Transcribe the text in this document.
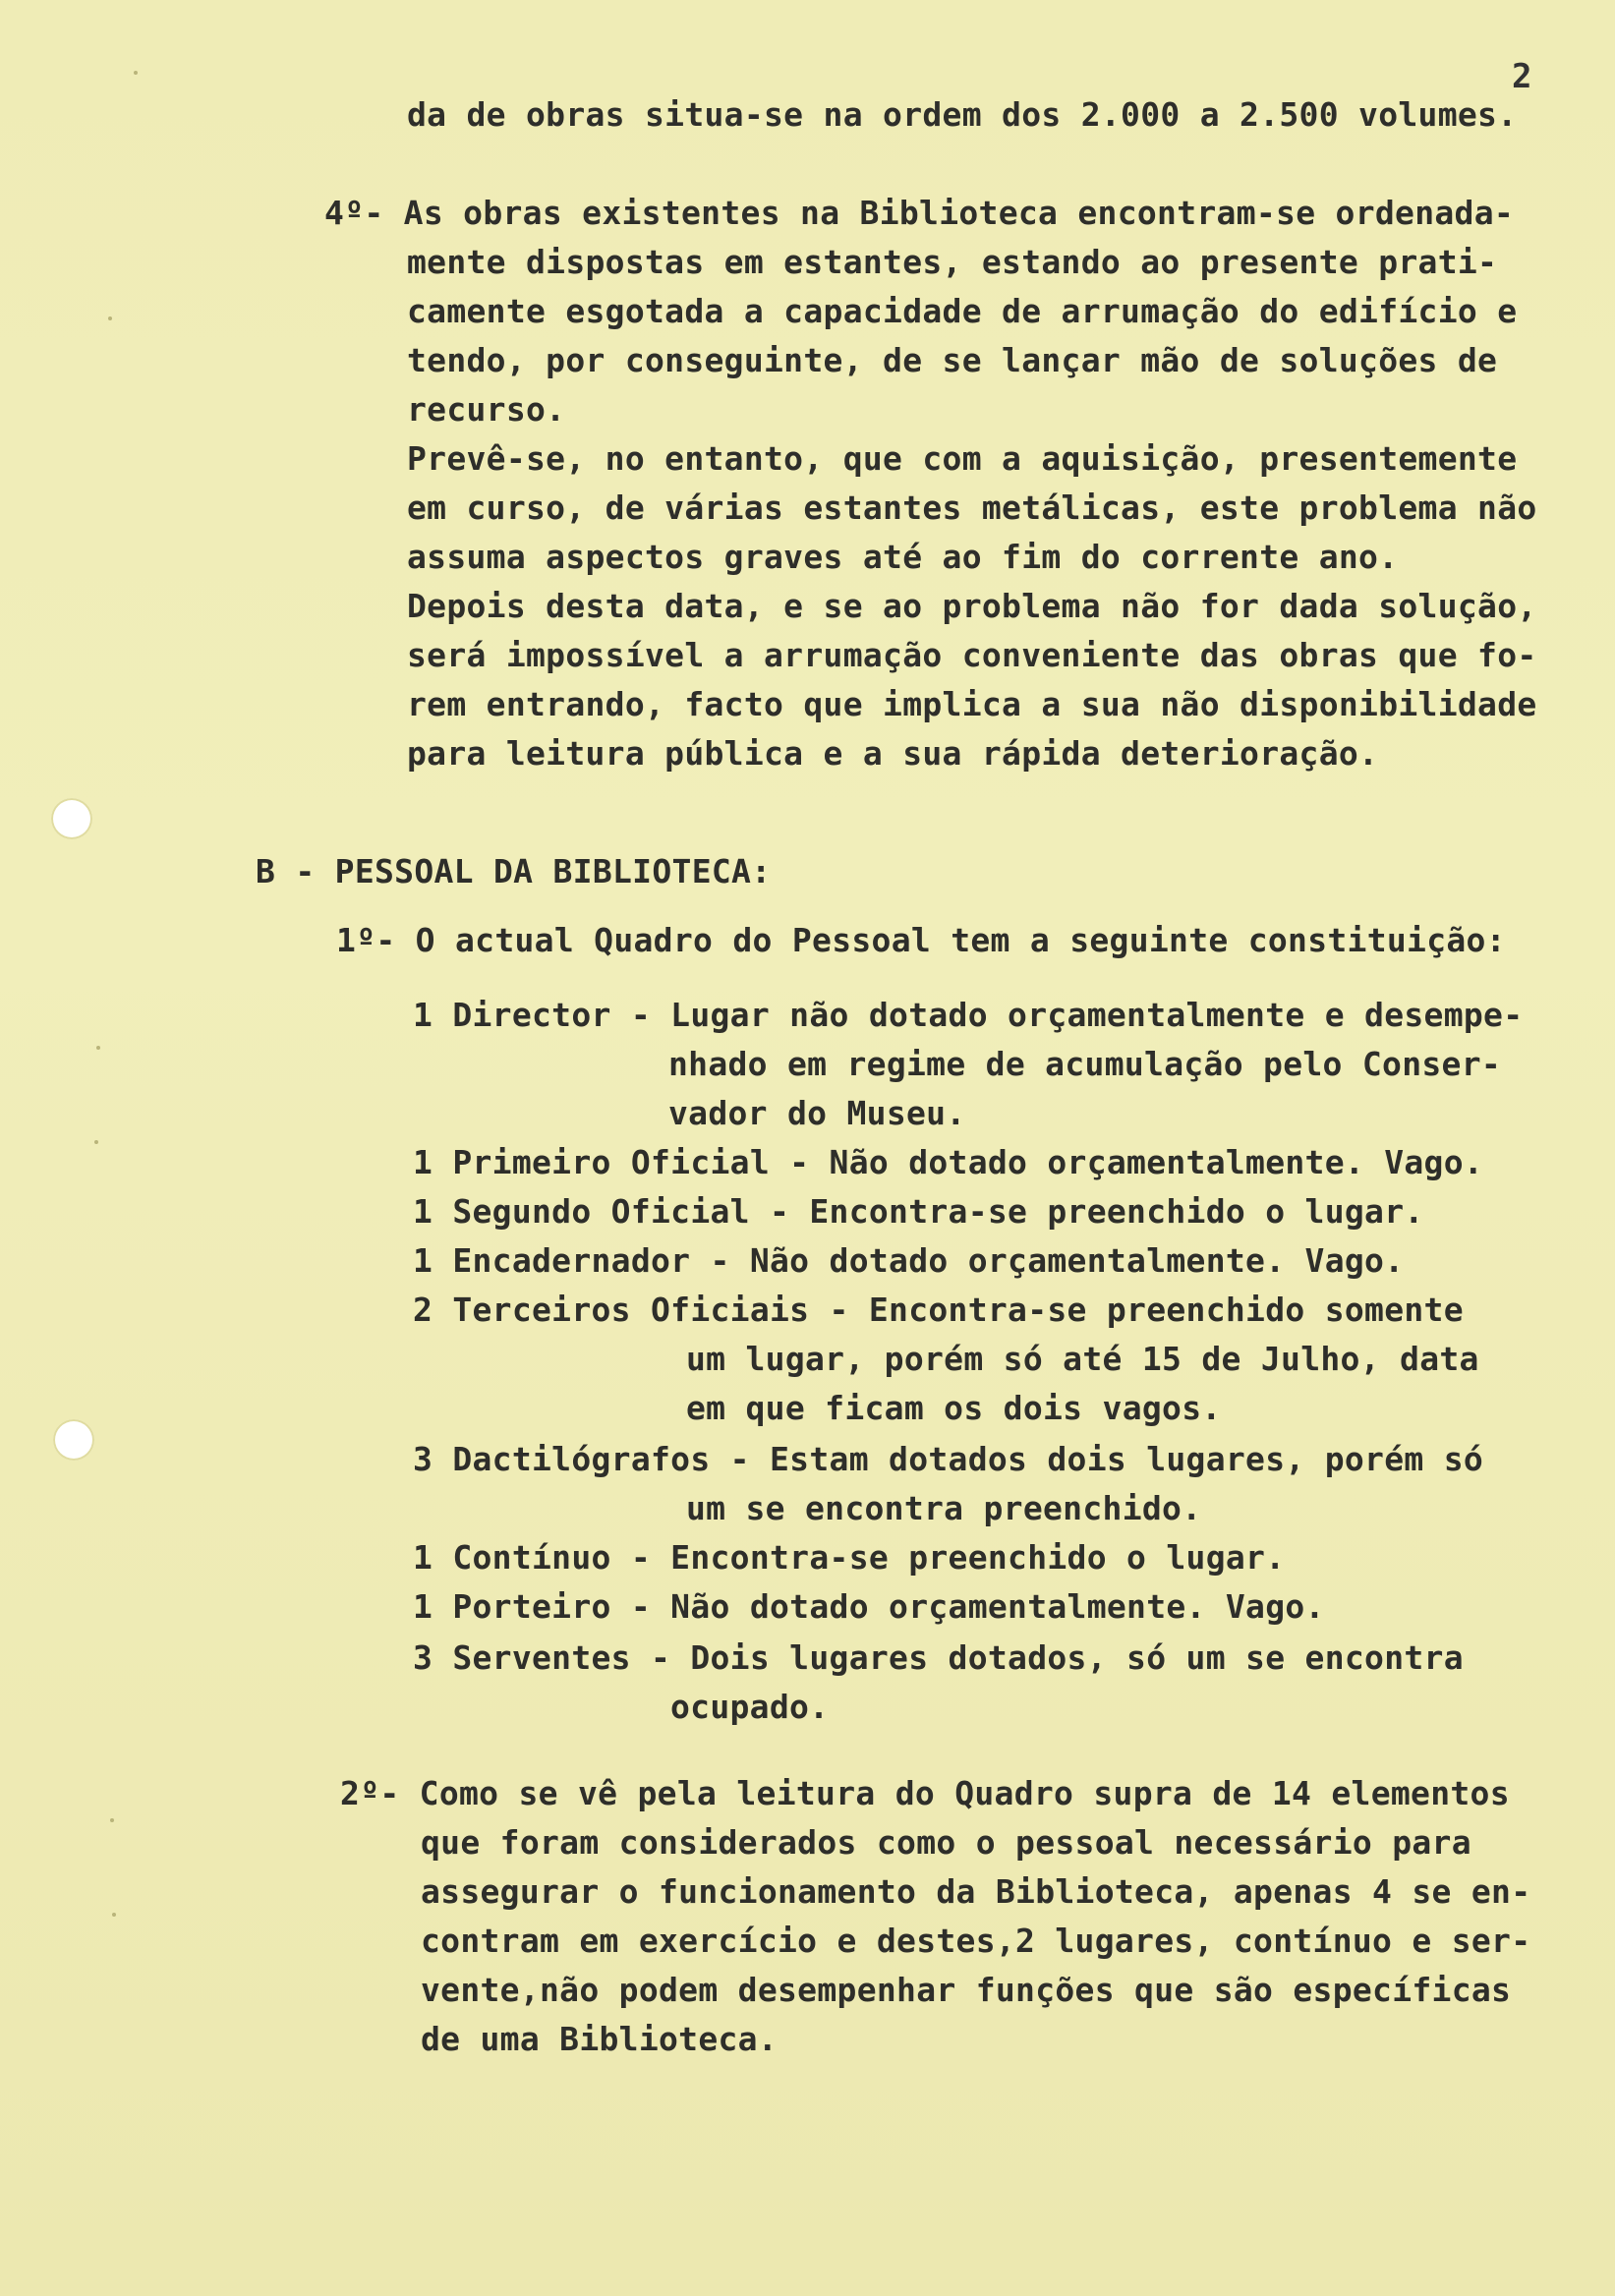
2

da de obras situa-se na ordem dos 2.000 a 2.500 volumes.

4º- As obras existentes na Biblioteca encontram-se ordenada-

mente dispostas em estantes, estando ao presente prati-

camente esgotada a capacidade de arrumação do edifício e

tendo, por conseguinte, de se lançar mão de soluções de

recurso.

Prevê-se, no entanto, que com a aquisição, presentemente

em curso, de várias estantes metálicas, este problema não

assuma aspectos graves até ao fim do corrente ano.

Depois desta data, e se ao problema não for dada solução,

será impossível a arrumação conveniente das obras que fo-

rem entrando, facto que implica a sua não disponibilidade

para leitura pública e a sua rápida deterioração.

B - PESSOAL DA BIBLIOTECA:

1º- O actual Quadro do Pessoal tem a seguinte constituição:

1 Director - Lugar não dotado orçamentalmente e desempe-

nhado em regime de acumulação pelo Conser-

vador do Museu.

1 Primeiro Oficial - Não dotado orçamentalmente. Vago.

1 Segundo Oficial - Encontra-se preenchido o lugar.

1 Encadernador - Não dotado orçamentalmente. Vago.

2 Terceiros Oficiais - Encontra-se preenchido somente

um lugar, porém só até 15 de Julho, data

em que ficam os dois vagos.

3 Dactilógrafos - Estam dotados dois lugares, porém só

um se encontra preenchido.

1 Contínuo - Encontra-se preenchido o lugar.

1 Porteiro - Não dotado orçamentalmente. Vago.

3 Serventes - Dois lugares dotados, só um se encontra

ocupado.

2º- Como se vê pela leitura do Quadro supra de 14 elementos

que foram considerados como o pessoal necessário para

assegurar o funcionamento da Biblioteca, apenas 4 se en-

contram em exercício e destes,2 lugares, contínuo e ser-

vente,não podem desempenhar funções que são específicas

de uma Biblioteca.
